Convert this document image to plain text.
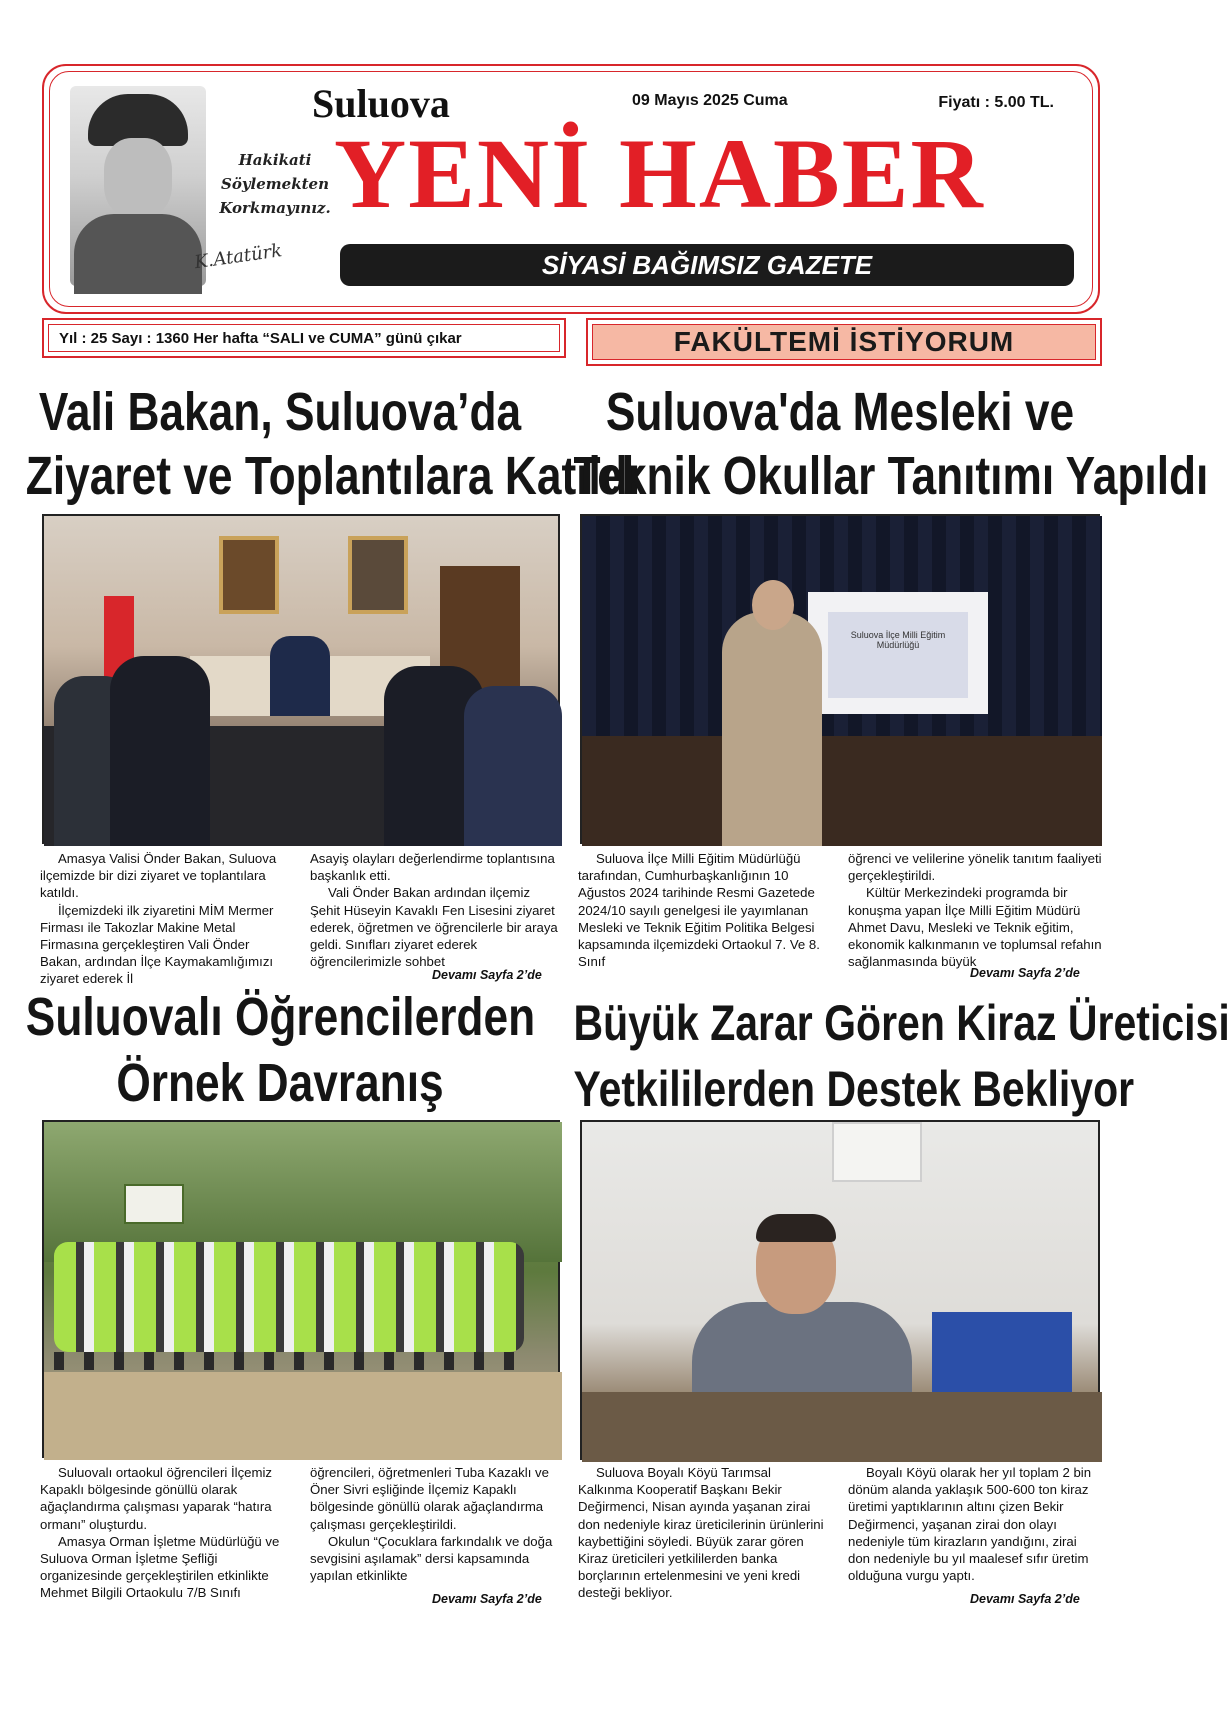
Hakikati
Söylemekten
Korkmayınız.
K.Atatürk
Suluova	09 Mayıs 2025 Cuma	Fiyatı : 5.00 TL.
YENİ HABER
SİYASİ BAĞIMSIZ GAZETE
Yıl : 25 Sayı : 1360 Her hafta “SALI ve CUMA” günü çıkar	FAKÜLTEMİ İSTİYORUM
Vali Bakan, Suluova’da
Ziyaret ve Toplantılara Katıldı

Amasya Valisi Önder Bakan, Suluova ilçemizde bir dizi ziyaret ve toplantılara katıldı.

İlçemizdeki ilk ziyaretini MİM Mermer Firması ile Takozlar Makine Metal Firmasına gerçekleştiren Vali Önder Bakan, ardından İlçe Kaymakamlığımızı ziyaret ederek İl

Asayiş olayları değerlendirme toplantısına başkanlık etti.

Vali Önder Bakan ardından ilçemiz Şehit Hüseyin Kavaklı Fen Lisesini ziyaret ederek, öğretmen ve öğrencilerle bir araya geldi. Sınıfları ziyaret ederek öğrencilerimizle sohbet

Devamı Sayfa 2’de
Suluova'da Mesleki ve
Teknik Okullar Tanıtımı Yapıldı
Suluova İlçe Milli Eğitim Müdürlüğü

Suluova İlçe Milli Eğitim Müdürlüğü tarafından, Cumhurbaşkanlığının 10 Ağustos 2024 tarihinde Resmi Gazetede 2024/10 sayılı genelgesi ile yayımlanan Mesleki ve Teknik Eğitim Politika Belgesi kapsamında ilçemizdeki Ortaokul 7. Ve 8. Sınıf

öğrenci ve velilerine yönelik tanıtım faaliyeti gerçekleştirildi.

Kültür Merkezindeki programda bir konuşma yapan İlçe Milli Eğitim Müdürü Ahmet Davu, Mesleki ve Teknik eğitim, ekonomik kalkınmanın ve toplumsal refahın sağlanmasında büyük

Devamı Sayfa 2’de
Suluovalı Öğrencilerden
Örnek Davranış

Suluovalı ortaokul öğrencileri İlçemiz Kapaklı bölgesinde gönüllü olarak ağaçlandırma çalışması yaparak “hatıra ormanı” oluşturdu.

Amasya Orman İşletme Müdürlüğü ve Suluova Orman İşletme Şefliği organizesinde gerçekleştirilen etkinlikte Mehmet Bilgili Ortaokulu 7/B Sınıfı

öğrencileri, öğretmenleri Tuba Kazaklı ve Öner Sivri eşliğinde İlçemiz Kapaklı bölgesinde gönüllü olarak ağaçlandırma çalışması gerçekleştirildi.

Okulun “Çocuklara farkındalık ve doğa sevgisini aşılamak” dersi kapsamında yapılan etkinlikte

Devamı Sayfa 2’de
Büyük Zarar Gören Kiraz Üreticisi
Yetkililerden Destek Bekliyor

Suluova Boyalı Köyü Tarımsal Kalkınma Kooperatif Başkanı Bekir Değirmenci, Nisan ayında yaşanan zirai don nedeniyle kiraz üreticilerinin ürünlerini kaybettiğini söyledi. Büyük zarar gören Kiraz üreticileri yetkililerden banka borçlarının ertelenmesini ve yeni kredi desteği bekliyor.

Boyalı Köyü olarak her yıl toplam 2 bin dönüm alanda yaklaşık 500-600 ton kiraz üretimi yaptıklarının altını çizen Bekir Değirmenci, yaşanan zirai don olayı nedeniyle tüm kirazların yandığını, zirai don nedeniyle bu yıl maalesef sıfır üretim olduğuna vurgu yaptı.

Devamı Sayfa 2’de
